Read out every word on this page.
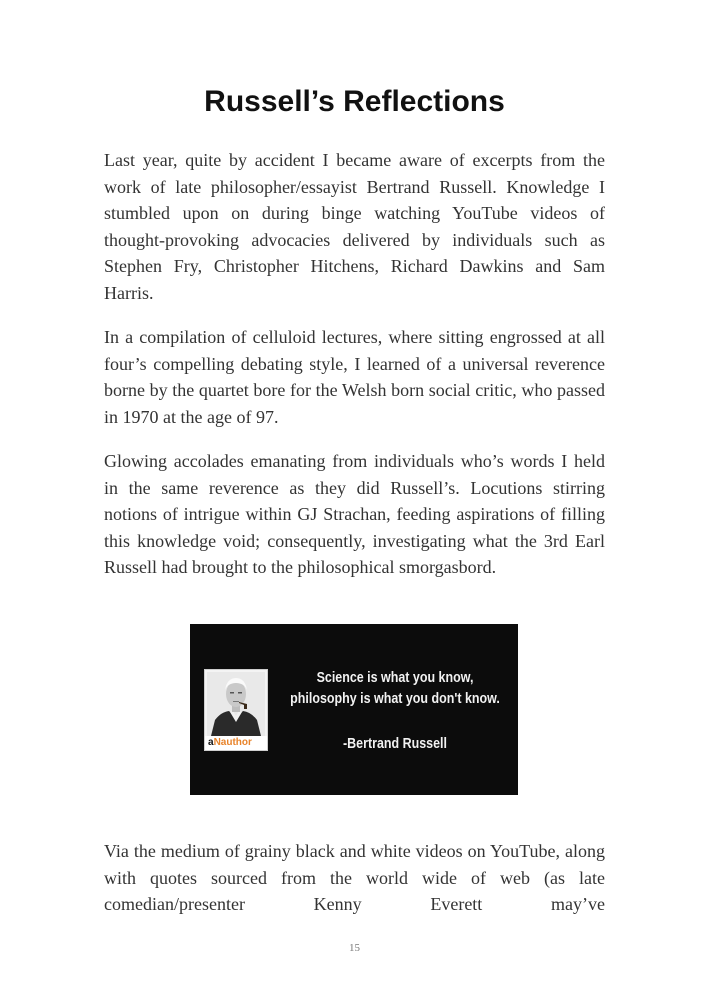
Russell’s Reflections

Last year, quite by accident I became aware of excerpts from the work of late philosopher/essayist Bertrand Russell. Knowledge I stumbled upon on during binge watching YouTube videos of thought-provoking advocacies delivered by individuals such as Stephen Fry, Christopher Hitchens, Richard Dawkins and Sam Harris.

In a compilation of celluloid lectures, where sitting engrossed at all four’s compelling debating style, I learned of a universal reverence borne by the quartet bore for the Welsh born social critic, who passed in 1970 at the age of 97.

Glowing accolades emanating from individuals who’s words I held in the same reverence as they did Russell’s. Locutions stirring notions of intrigue within GJ Strachan, feeding aspirations of filling this knowledge void; consequently, investigating what the 3rd Earl Russell had brought to the philosophical smorgasbord.

aNauthor
Science is what you know, philosophy is what you don't know.
-Bertrand Russell

Via the medium of grainy black and white videos on YouTube, along with quotes sourced from the world wide of web (as late comedian/presenter Kenny Everett may’ve

15
